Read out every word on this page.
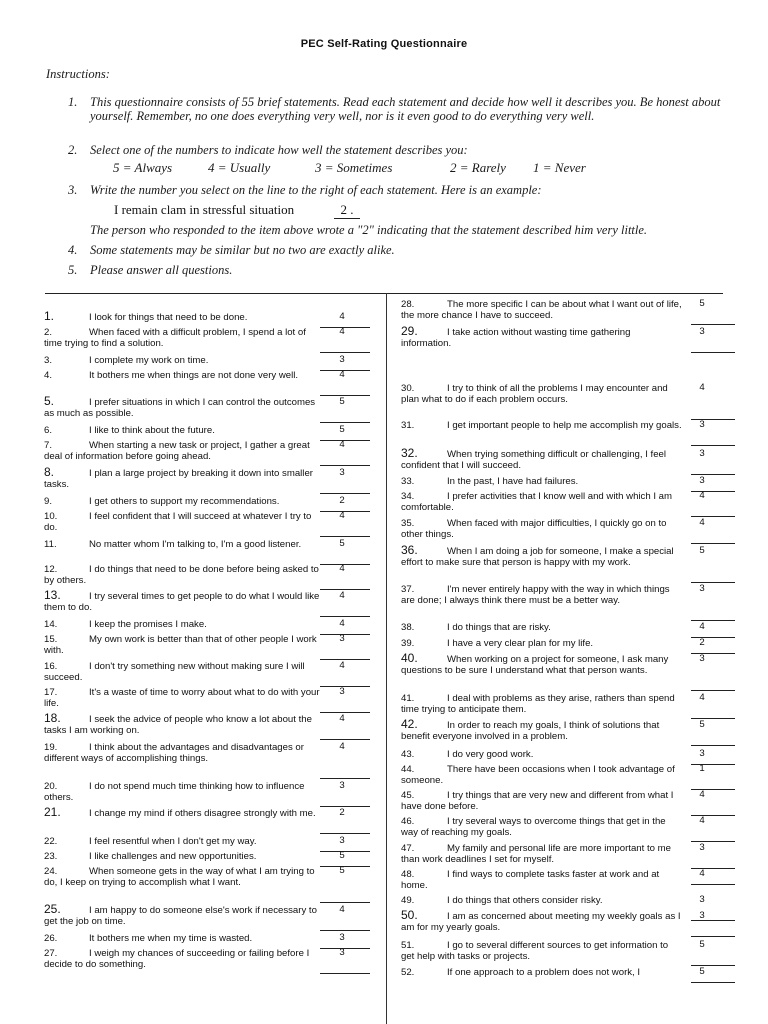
PEC Self-Rating Questionnaire
Instructions:
1. This questionnaire consists of 55 brief statements. Read each statement and decide how well it describes you. Be honest about yourself. Remember, no one does everything very well, nor is it even good to do everything very well.
2. Select one of the numbers to indicate how well the statement describes you:
5 = Always	4 = Usually	3 = Sometimes	2 = Rarely 1 = Never
3. Write the number you select on the line to the right of each statement. Here is an example:
I remain clam in stressful situation	2 .
The person who responded to the item above wrote a "2" indicating that the statement described him very little.
4. Some statements may be similar but no two are exactly alike.
5. Please answer all questions.
1.	I look for things that need to be done.	4
2.	When faced with a difficult problem, I spend a lot of time trying to find a solution.
4
3.	I complete my work on time.	3
4.	It bothers me when things are not done very well.	4
5.	I prefer situations in which I can control the outcomes as much as possible.
5
6.	I like to think about the future.	5
7.	When starting a new task or project, I gather a great deal of information before going ahead.
4
8.	I plan a large project by breaking it down into smaller tasks.
3
9.	I get others to support my recommendations.	2
10.	I feel confident that I will succeed at whatever I try to do.
4
11.	No matter whom I'm talking to, I'm a good listener.	5
12.	I do things that need to be done before being asked to by others.
4
13.	I try several times to get people to do what I would like them to do.
4
14.	I keep the promises I make.	4
15.	My own work is better than that of other people I work with.
3
16.	I don't try something new without making sure I will succeed.
4
17.	It's a waste of time to worry about what to do with your life.
3
18.	I seek the advice of people who know a lot about the tasks I am working on.
4
19.	I think about the advantages and disadvantages or different ways of accomplishing things.
4
20.	I do not spend much time thinking how to influence others.
3
21.	I change my mind if others disagree strongly with me.	2
22.	I feel resentful when I don't get my way.	3
23.	I like challenges and new opportunities.	5
24.	When someone gets in the way of what I am trying to do, I keep on trying to accomplish what I want.
5
25.	I am happy to do someone else's work if necessary to get the job on time.
4
26.	It bothers me when my time is wasted.	3
27.	I weigh my chances of succeeding or failing before I decide to do something.
3
28.	The more specific I can be about what I want out of life, the more chance I have to succeed.
5
29.	I take action without wasting time gathering information.
3
30.	I try to think of all the problems I may encounter and plan what to do if each problem occurs.
4
31.	I get important people to help me accomplish my goals.	3
32.	When trying something difficult or challenging, I feel confident that I will succeed.
3
33.	In the past, I have had failures.	3
34.	I prefer activities that I know well and with which I am comfortable.
4
35.	When faced with major difficulties, I quickly go on to other things.
4
36.	When I am doing a job for someone, I make a special effort to make sure that person is happy with my work.
5
37.	I'm never entirely happy with the way in which things are done; I always think there must be a better way.
3
38.	I do things that are risky.	4
39.	I have a very clear plan for my life.	2
40.	When working on a project for someone, I ask many questions to be sure I understand what that person wants.
3
41.	I deal with problems as they arise, rathers than spend time trying to anticipate them.
4
42.	In order to reach my goals, I think of solutions that benefit everyone involved in a problem.
5
43.	I do very good work.	3
44.	There have been occasions when I took advantage of someone.
1
45.	I try things that are very new and different from what I have done before.
4
46.	I try several ways to overcome things that get in the way of reaching my goals.
4
47.	My family and personal life are more important to me than work deadlines I set for myself.
3
48.	I find ways to complete tasks faster at work and at home.
4
49.	I do things that others consider risky.	3
50.	I am as concerned about meeting my weekly goals as I am for my yearly goals.
3
51.	I go to several different sources to get information to get help with tasks or projects.
5
52.	If one approach to a problem does not work, I	5
